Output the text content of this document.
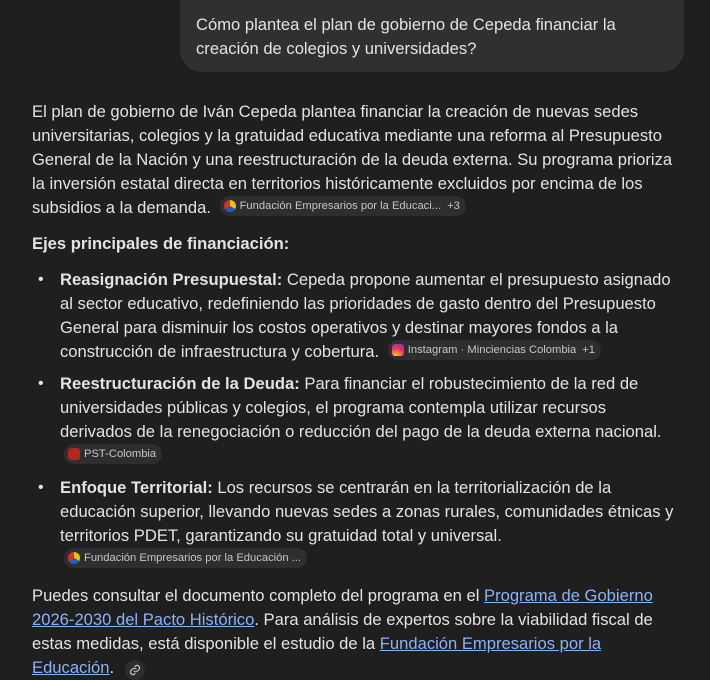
Cómo plantea el plan de gobierno de Cepeda financiar la creación de colegios y universidades?

El plan de gobierno de Iván Cepeda plantea financiar la creación de nuevas sedes universitarias, colegios y la gratuidad educativa mediante una reforma al Presupuesto General de la Nación y una reestructuración de la deuda externa. Su programa prioriza la inversión estatal directa en territorios históricamente excluidos por encima de los subsidios a la demanda.	Fundación Empresarios por la Educaci... +3

Ejes principales de financiación:

• Reasignación Presupuestal: Cepeda propone aumentar el presupuesto asignado al sector educativo, redefiniendo las prioridades de gasto dentro del Presupuesto General para disminuir los costos operativos y destinar mayores fondos a la construcción de infraestructura y cobertura.	Instagram · Minciencias Colombia +1
• Reestructuración de la Deuda: Para financiar el robustecimiento de la red de universidades públicas y colegios, el programa contempla utilizar recursos derivados de la renegociación o reducción del pago de la deuda externa nacional.
PST-Colombia
• Enfoque Territorial: Los recursos se centrarán en la territorialización de la educación superior, llevando nuevas sedes a zonas rurales, comunidades étnicas y territorios PDET, garantizando su gratuidad total y universal.
Fundación Empresarios por la Educación ...

Puedes consultar el documento completo del programa en el Programa de Gobierno 2026-2030 del Pacto Histórico. Para análisis de expertos sobre la viabilidad fiscal de estas medidas, está disponible el estudio de la Fundación Empresarios por la Educación.
